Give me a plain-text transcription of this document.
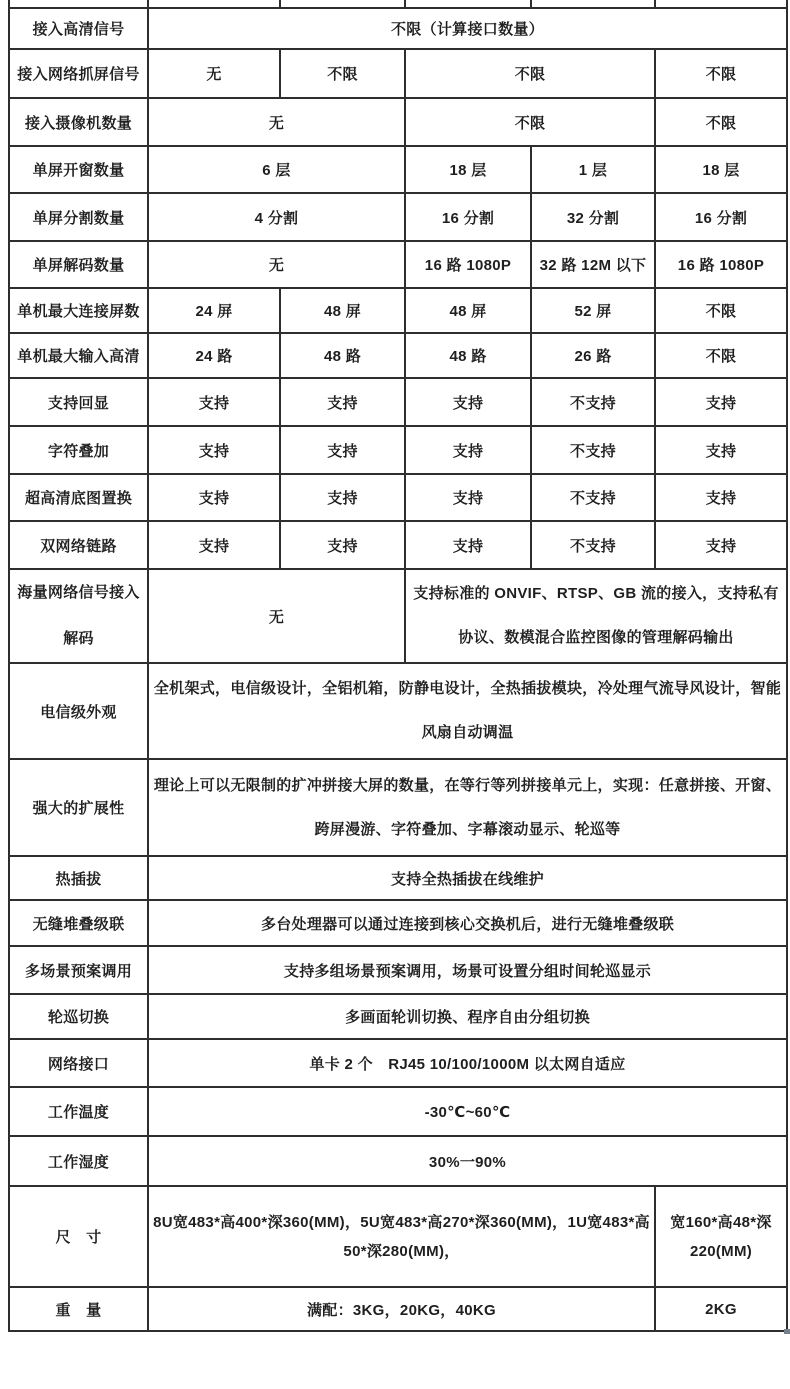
接入高清信号	不限（计算接口数量）				
接入网络抓屏信号	无	不限	不限		不限
接入摄像机数量	无		不限		不限
单屏开窗数量	6 层		18 层	1 层	18 层
单屏分割数量	4 分割		16 分割	32 分割	16 分割
单屏解码数量	无		16 路 1080P	32 路 12M 以下	16 路 1080P
单机最大连接屏数	24 屏	48 屏	48 屏	52 屏	不限
单机最大输入高清	24 路	48 路	48 路	26 路	不限
支持回显	支持	支持	支持	不支持	支持
字符叠加	支持	支持	支持	不支持	支持
超高清底图置换	支持	支持	支持	不支持	支持
双网络链路	支持	支持	支持	不支持	支持
海量网络信号接入解码	无		支持标准的 ONVIF、RTSP、GB 流的接入，支持私有协议、数模混合监控图像的管理解码输出		
电信级外观	全机架式，电信级设计，全铝机箱，防静电设计，全热插拔模块，冷处理气流导风设计，智能风扇自动调温				
强大的扩展性	理论上可以无限制的扩冲拼接大屏的数量，在等行等列拼接单元上，实现：任意拼接、开窗、跨屏漫游、字符叠加、字幕滚动显示、轮巡等				
热插拔	支持全热插拔在线维护				
无缝堆叠级联	多台处理器可以通过连接到核心交换机后，进行无缝堆叠级联				
多场景预案调用	支持多组场景预案调用，场景可设置分组时间轮巡显示				
轮巡切换	多画面轮训切换、程序自由分组切换				
网络接口	单卡 2 个　RJ45 10/100/1000M 以太网自适应				
工作温度	-30℃~60℃				
工作湿度	30%一90%				
尺　寸	8U宽483*高400*深360(MM)，5U宽483*高270*深360(MM)，1U宽483*高50*深280(MM)，				宽160*高48*深220(MM)
重　量	满配：3KG，20KG，40KG				2KG
